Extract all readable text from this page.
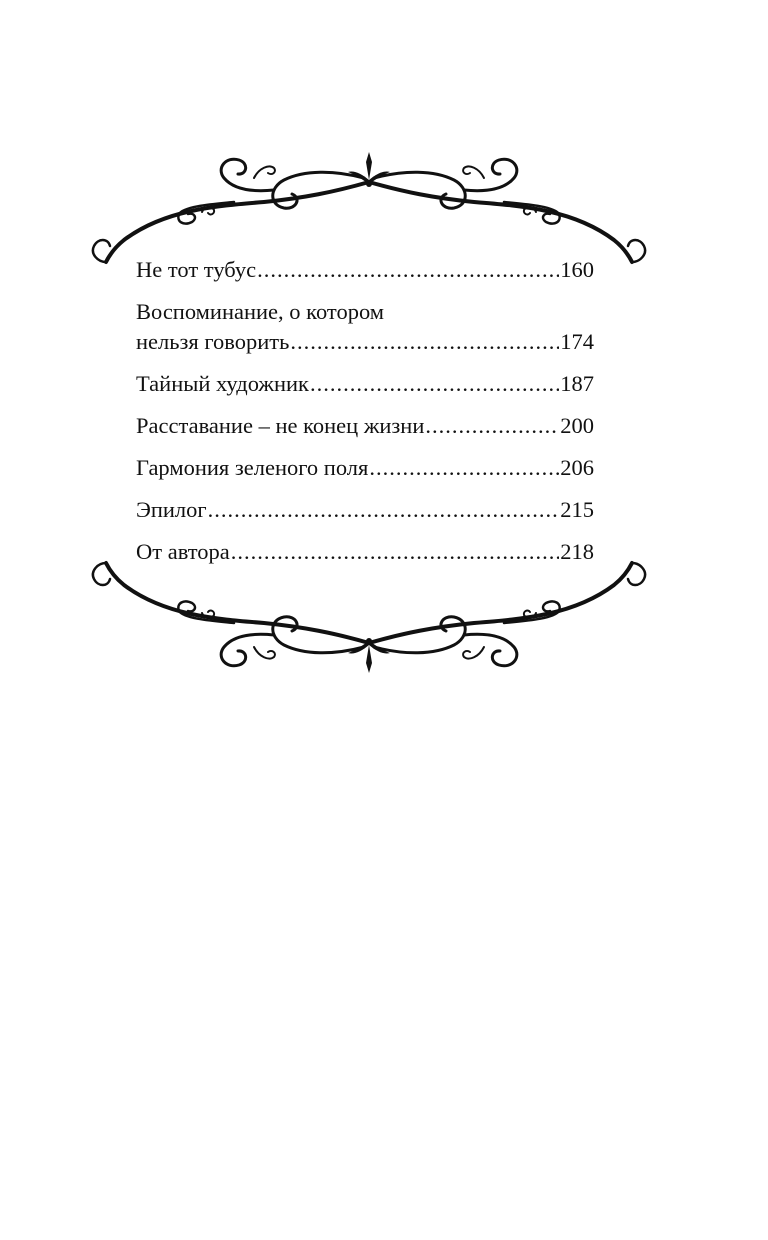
Не тот тубус .....	160
Воспоминание, о котором
нельзя говорить .....	174
Тайный художник .....	187
Расставание – не конец жизни .....	200
Гармония зеленого поля .....	206
Эпилог .....	215
От автора .....	218
